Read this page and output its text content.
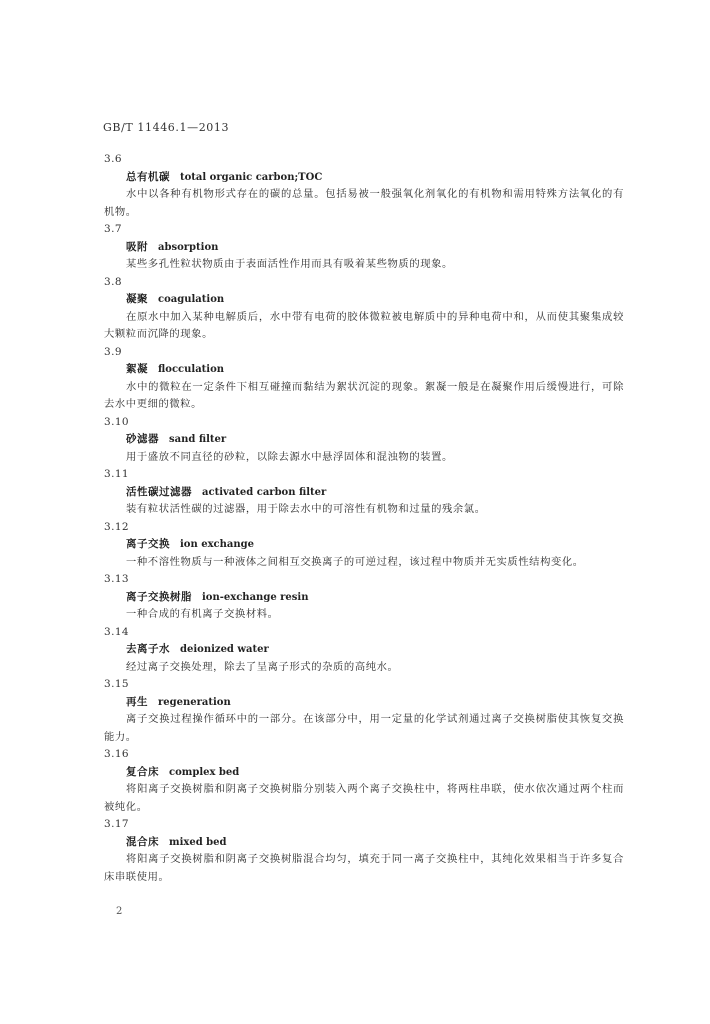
GB/T 11446.1—2013
3.6
总有机碳 total organic carbon;TOC
水中以各种有机物形式存在的碳的总量。包括易被一般强氧化剂氧化的有机物和需用特殊方法氧化的有机物。
3.7
吸附 absorption
某些多孔性粒状物质由于表面活性作用而具有吸着某些物质的现象。
3.8
凝聚 coagulation
在原水中加入某种电解质后，水中带有电荷的胶体微粒被电解质中的异种电荷中和，从而使其聚集成较大颗粒而沉降的现象。
3.9
絮凝 flocculation
水中的微粒在一定条件下相互碰撞而黏结为絮状沉淀的现象。絮凝一般是在凝聚作用后缓慢进行，可除去水中更细的微粒。
3.10
砂滤器 sand filter
用于盛放不同直径的砂粒，以除去源水中悬浮固体和混浊物的装置。
3.11
活性碳过滤器 activated carbon filter
装有粒状活性碳的过滤器，用于除去水中的可溶性有机物和过量的残余氯。
3.12
离子交换 ion exchange
一种不溶性物质与一种液体之间相互交换离子的可逆过程，该过程中物质并无实质性结构变化。
3.13
离子交换树脂 ion-exchange resin
一种合成的有机离子交换材料。
3.14
去离子水 deionized water
经过离子交换处理，除去了呈离子形式的杂质的高纯水。
3.15
再生 regeneration
离子交换过程操作循环中的一部分。在该部分中，用一定量的化学试剂通过离子交换树脂使其恢复交换能力。
3.16
复合床 complex bed
将阳离子交换树脂和阴离子交换树脂分别装入两个离子交换柱中，将两柱串联，使水依次通过两个柱而被纯化。
3.17
混合床 mixed bed
将阳离子交换树脂和阴离子交换树脂混合均匀，填充于同一离子交换柱中，其纯化效果相当于许多复合床串联使用。
2
